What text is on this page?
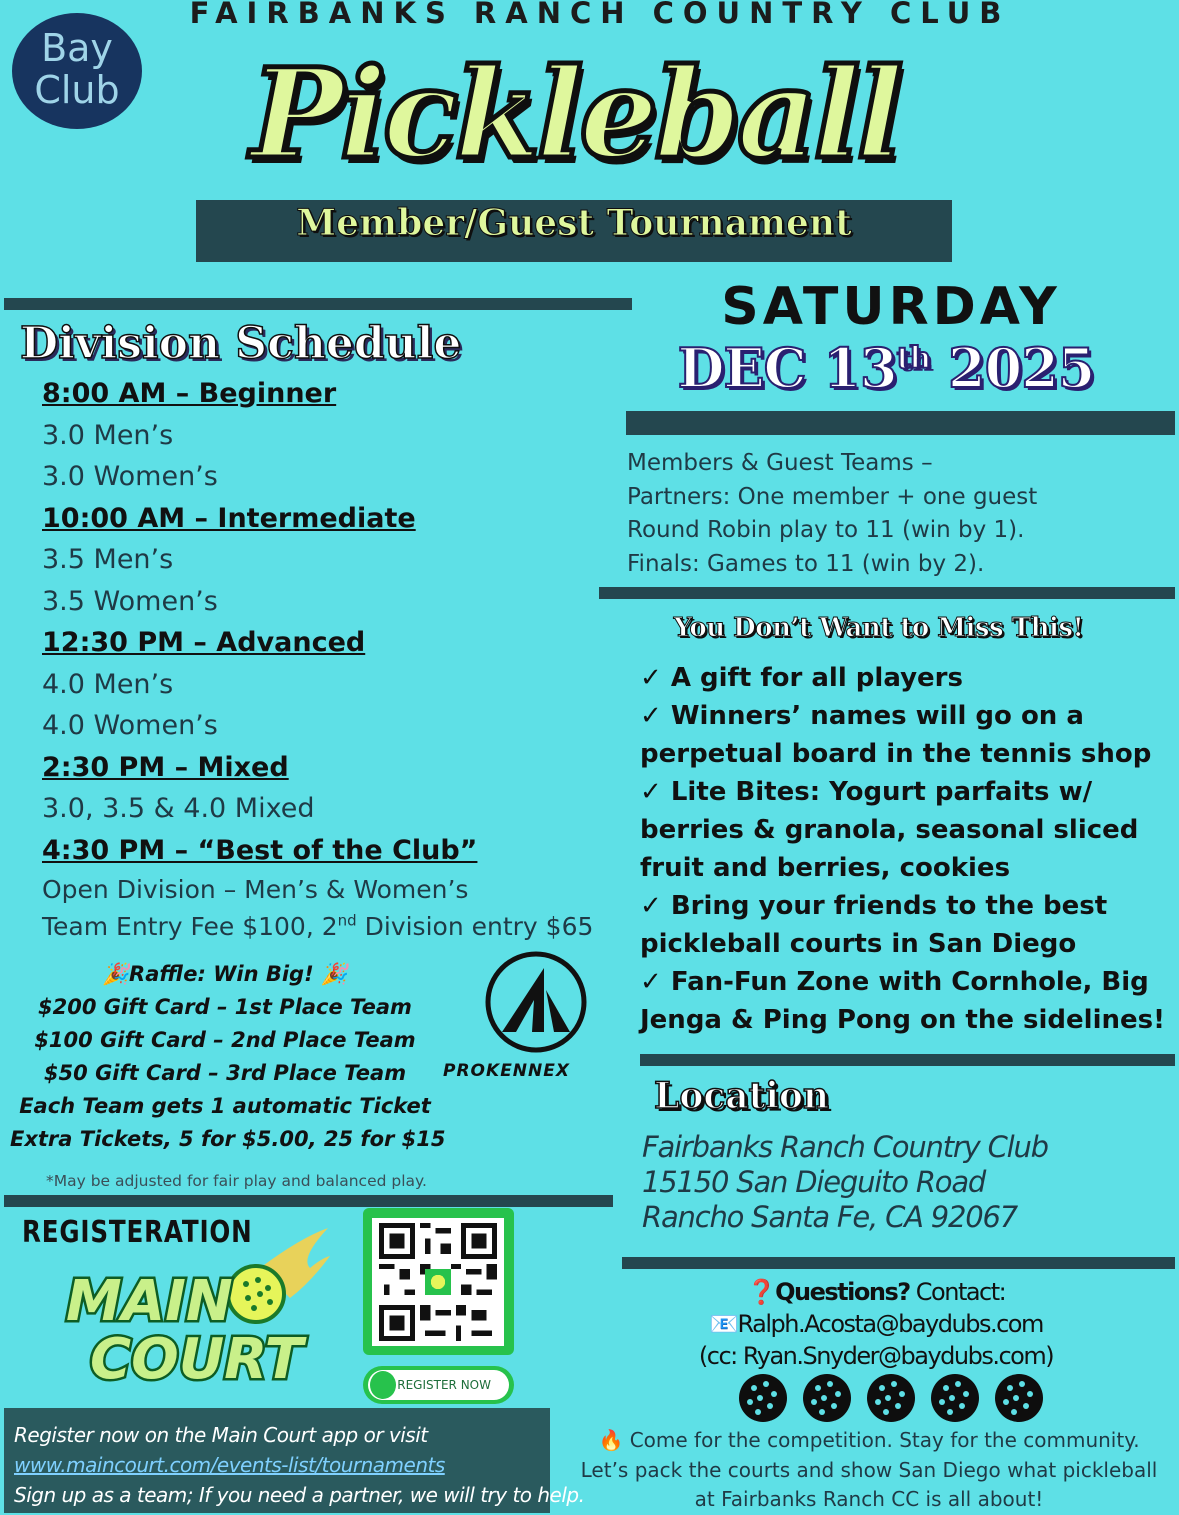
Bay
Club
FAIRBANKS RANCH COUNTRY CLUB
Pickleball
Member/Guest Tournament
Division Schedule
8:00 AM – Beginner
3.0 Men’s
3.0 Women’s
10:00 AM – Intermediate
3.5 Men’s
3.5 Women’s
12:30 PM – Advanced
4.0 Men’s
4.0 Women’s
2:30 PM – Mixed
3.0, 3.5 & 4.0 Mixed
4:30 PM – “Best of the Club”
Open Division – Men’s & Women’s
Team Entry Fee $100, 2nd Division entry $65
🎉Raffle: Win Big! 🎉
$200 Gift Card – 1st Place Team
$100 Gift Card – 2nd Place Team
$50 Gift Card – 3rd Place Team
Each Team gets 1 automatic Ticket
Extra Tickets, 5 for $5.00, 25 for $15
*May be adjusted for fair play and balanced play.
PROKENNEX
REGISTERATION
MAIN
COURT	REGISTER NOW
Register now on the Main Court app or visit
www.maincourt.com/events-list/tournaments
Sign up as a team; If you need a partner, we will try to help.
SATURDAY
DEC 13th 2025
Members & Guest Teams –
Partners: One member + one guest
Round Robin play to 11 (win by 1).
Finals: Games to 11 (win by 2).
You Don’t Want to Miss This!
✓ A gift for all players
✓ Winners’ names will go on a
perpetual board in the tennis shop
✓ Lite Bites: Yogurt parfaits w/
berries & granola, seasonal sliced
fruit and berries, cookies
✓ Bring your friends to the best
pickleball courts in San Diego
✓ Fan-Fun Zone with Cornhole, Big
Jenga & Ping Pong on the sidelines!
Location
Fairbanks Ranch Country Club
15150 San Dieguito Road
Rancho Santa Fe, CA 92067
❓Questions? Contact:
📧Ralph.Acosta@baydubs.com
(cc: Ryan.Snyder@baydubs.com)
🔥 Come for the competition. Stay for the community.
Let’s pack the courts and show San Diego what pickleball
at Fairbanks Ranch CC is all about!
